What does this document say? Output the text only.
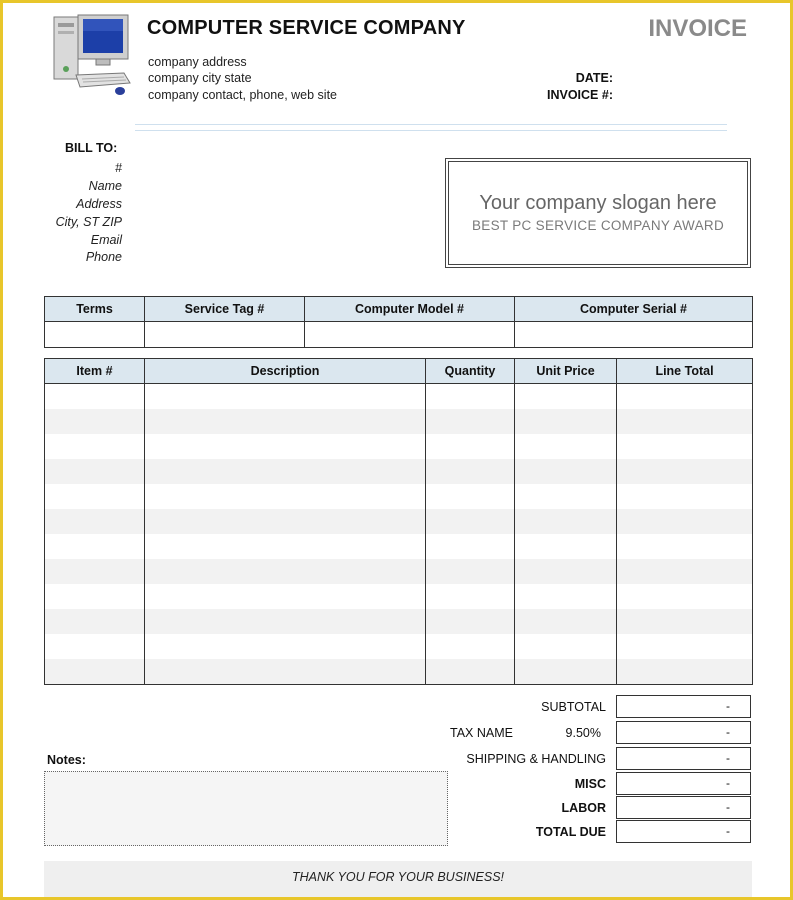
COMPUTER SERVICE COMPANY
company address
company city state
company contact, phone, web site
INVOICE
DATE:
INVOICE #:
BILL TO:
#
Name
Address
City, ST ZIP
Email
Phone
Your company slogan here
BEST PC SERVICE COMPANY AWARD
Terms	Service Tag #	Computer Model #	Computer Serial #

Item #	Description	Quantity	Unit Price	Line Total

SUBTOTAL	-
TAX NAME	9.50%	-
SHIPPING & HANDLING	-
MISC	-
LABOR	-
TOTAL DUE	-
Notes:
THANK YOU FOR YOUR BUSINESS!
